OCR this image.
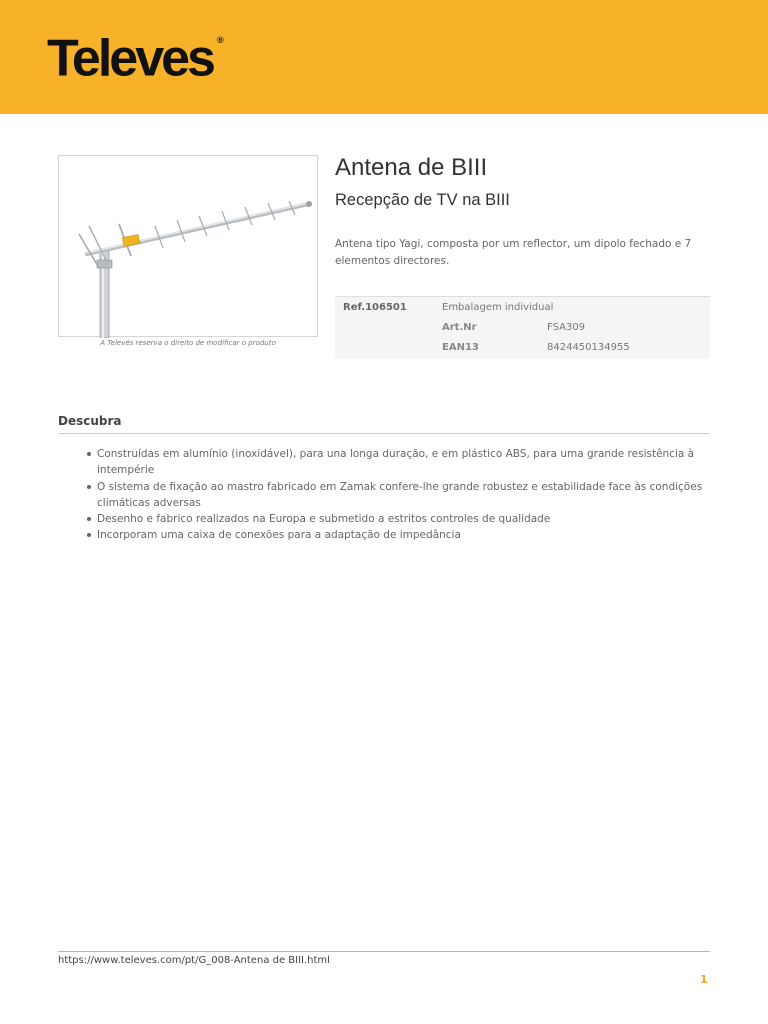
Televes ®
A Televés reserva o direito de modificar o produto
Antena de BIII
Recepção de TV na BIII
Antena tipo Yagi, composta por um reflector, um dipolo fechado e 7 elementos directores.
Ref.106501	Embalagem individual
Art.Nr	FSA309
EAN13	8424450134955
Descubra
Construídas em alumínio (inoxidável), para una longa duração, e em plástico ABS, para uma grande resistência à intempérie
O sistema de fixação ao mastro fabricado em Zamak confere-lhe grande robustez e estabilidade face às condições climáticas adversas
Desenho e fabrico realizados na Europa e submetido a estritos controles de qualidade
Incorporam uma caixa de conexões para a adaptação de impedância
https://www.televes.com/pt/G_008-Antena de BIII.html
1
